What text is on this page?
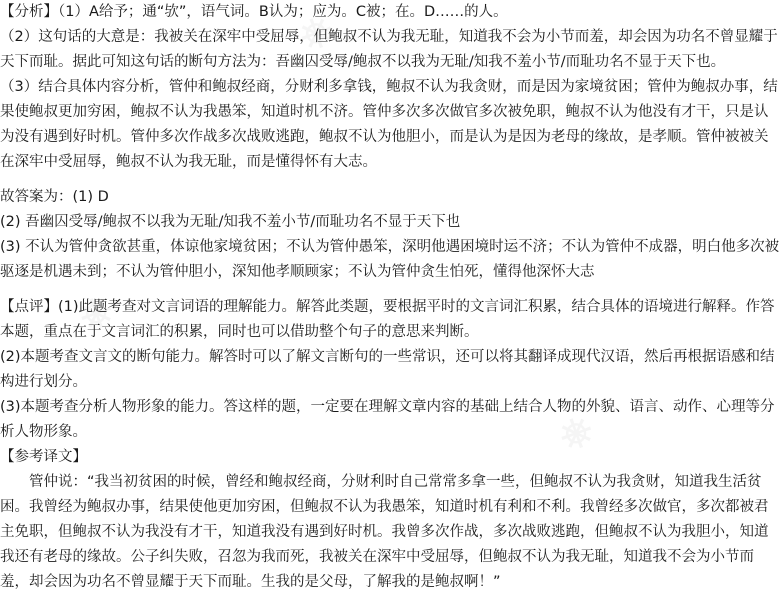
【分析】（1）A给予；通“欤”，语气词。B认为；应为。C被；在。D……的人。

（2）这句话的大意是：我被关在深牢中受屈辱，但鲍叔不认为我无耻，知道我不会为小节而羞，却会因为功名不曾显耀于天下而耻。据此可知这句话的断句方法为：吾幽囚受辱/鲍叔不以我为无耻/知我不羞小节/而耻功名不显于天下也。

（3）结合具体内容分析，管仲和鲍叔经商，分财利多拿钱，鲍叔不认为我贪财，而是因为家境贫困；管仲为鲍叔办事，结果使鲍叔更加穷困，鲍叔不认为我愚笨，知道时机不济。管仲多次多次做官多次被免职，鲍叔不认为他没有才干，只是认为没有遇到好时机。管仲多次作战多次战败逃跑，鲍叔不认为他胆小，而是认为是因为老母的缘故，是孝顺。管仲被被关在深牢中受屈辱，鲍叔不认为我无耻，而是懂得怀有大志。

故答案为：(1) D

(2) 吾幽囚受辱/鲍叔不以我为无耻/知我不羞小节/而耻功名不显于天下也

(3) 不认为管仲贪欲甚重，体谅他家境贫困；不认为管仲愚笨，深明他遇困境时运不济；不认为管仲不成器，明白他多次被驱逐是机遇未到；不认为管仲胆小，深知他孝顺顾家；不认为管仲贪生怕死，懂得他深怀大志

【点评】(1)此题考查对文言词语的理解能力。解答此类题，要根据平时的文言词汇积累，结合具体的语境进行解释。作答本题，重点在于文言词汇的积累，同时也可以借助整个句子的意思来判断。

(2)本题考查文言文的断句能力。解答时可以了解文言断句的一些常识，还可以将其翻译成现代汉语，然后再根据语感和结构进行划分。

(3)本题考查分析人物形象的能力。答这样的题，一定要在理解文章内容的基础上结合人物的外貌、语言、动作、心理等分析人物形象。

【参考译文】

管仲说：“我当初贫困的时候，曾经和鲍叔经商，分财利时自己常常多拿一些，但鲍叔不认为我贪财，知道我生活贫困。我曾经为鲍叔办事，结果使他更加穷困，但鲍叔不认为我愚笨，知道时机有利和不利。我曾经多次做官，多次都被君主免职，但鲍叔不认为我没有才干，知道我没有遇到好时机。我曾多次作战，多次战败逃跑，但鲍叔不认为我胆小，知道我还有老母的缘故。公子纠失败，召忽为我而死，我被关在深牢中受屈辱，但鲍叔不认为我无耻，知道我不会为小节而羞，却会因为功名不曾显耀于天下而耻。生我的是父母，了解我的是鲍叔啊！”
